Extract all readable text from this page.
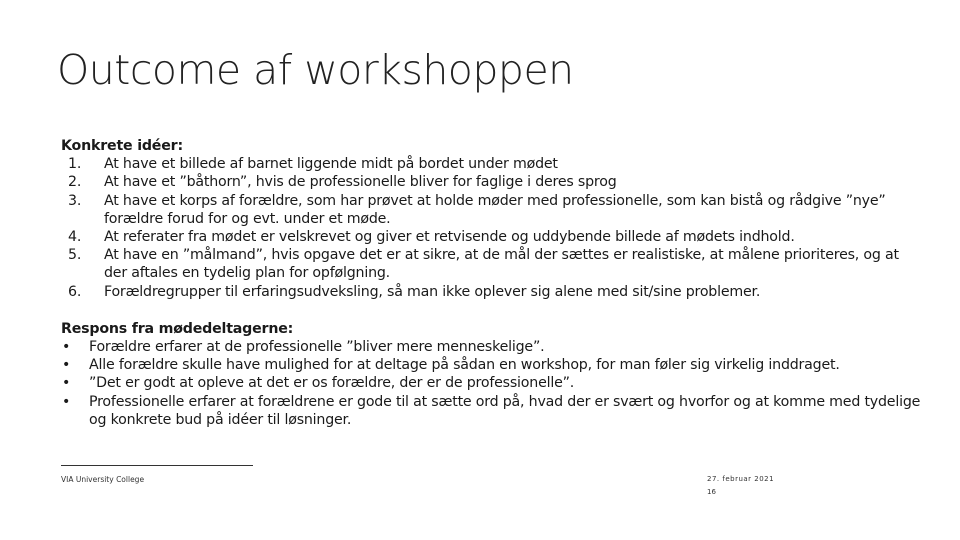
Outcome af workshoppen
Konkrete idéer:
1.	At have et billede af barnet liggende midt på bordet under mødet
2.	At have et ”båthorn”, hvis de professionelle bliver for faglige i deres sprog
3.	At have et korps af forældre, som har prøvet at holde møder med professionelle, som kan bistå og rådgive ”nye” forældre forud for og evt. under et møde.
4.	At referater fra mødet er velskrevet og giver et retvisende og uddybende billede af mødets indhold.
5.	At have en ”målmand”, hvis opgave det er at sikre, at de mål der sættes er realistiske, at målene prioriteres, og at der aftales en tydelig plan for opfølgning.
6.	Forældregrupper til erfaringsudveksling, så man ikke oplever sig alene med sit/sine problemer.
Respons fra mødedeltagerne:
•	Forældre erfarer at de professionelle ”bliver mere menneskelige”.
•	Alle forældre skulle have mulighed for at deltage på sådan en workshop, for man føler sig virkelig inddraget.
•	”Det er godt at opleve at det er os forældre, der er de professionelle”.
•	Professionelle erfarer at forældrene er gode til at sætte ord på, hvad der er svært og hvorfor og at komme med tydelige og konkrete bud på idéer til løsninger.
VIA University College	27. februar 2021
16
